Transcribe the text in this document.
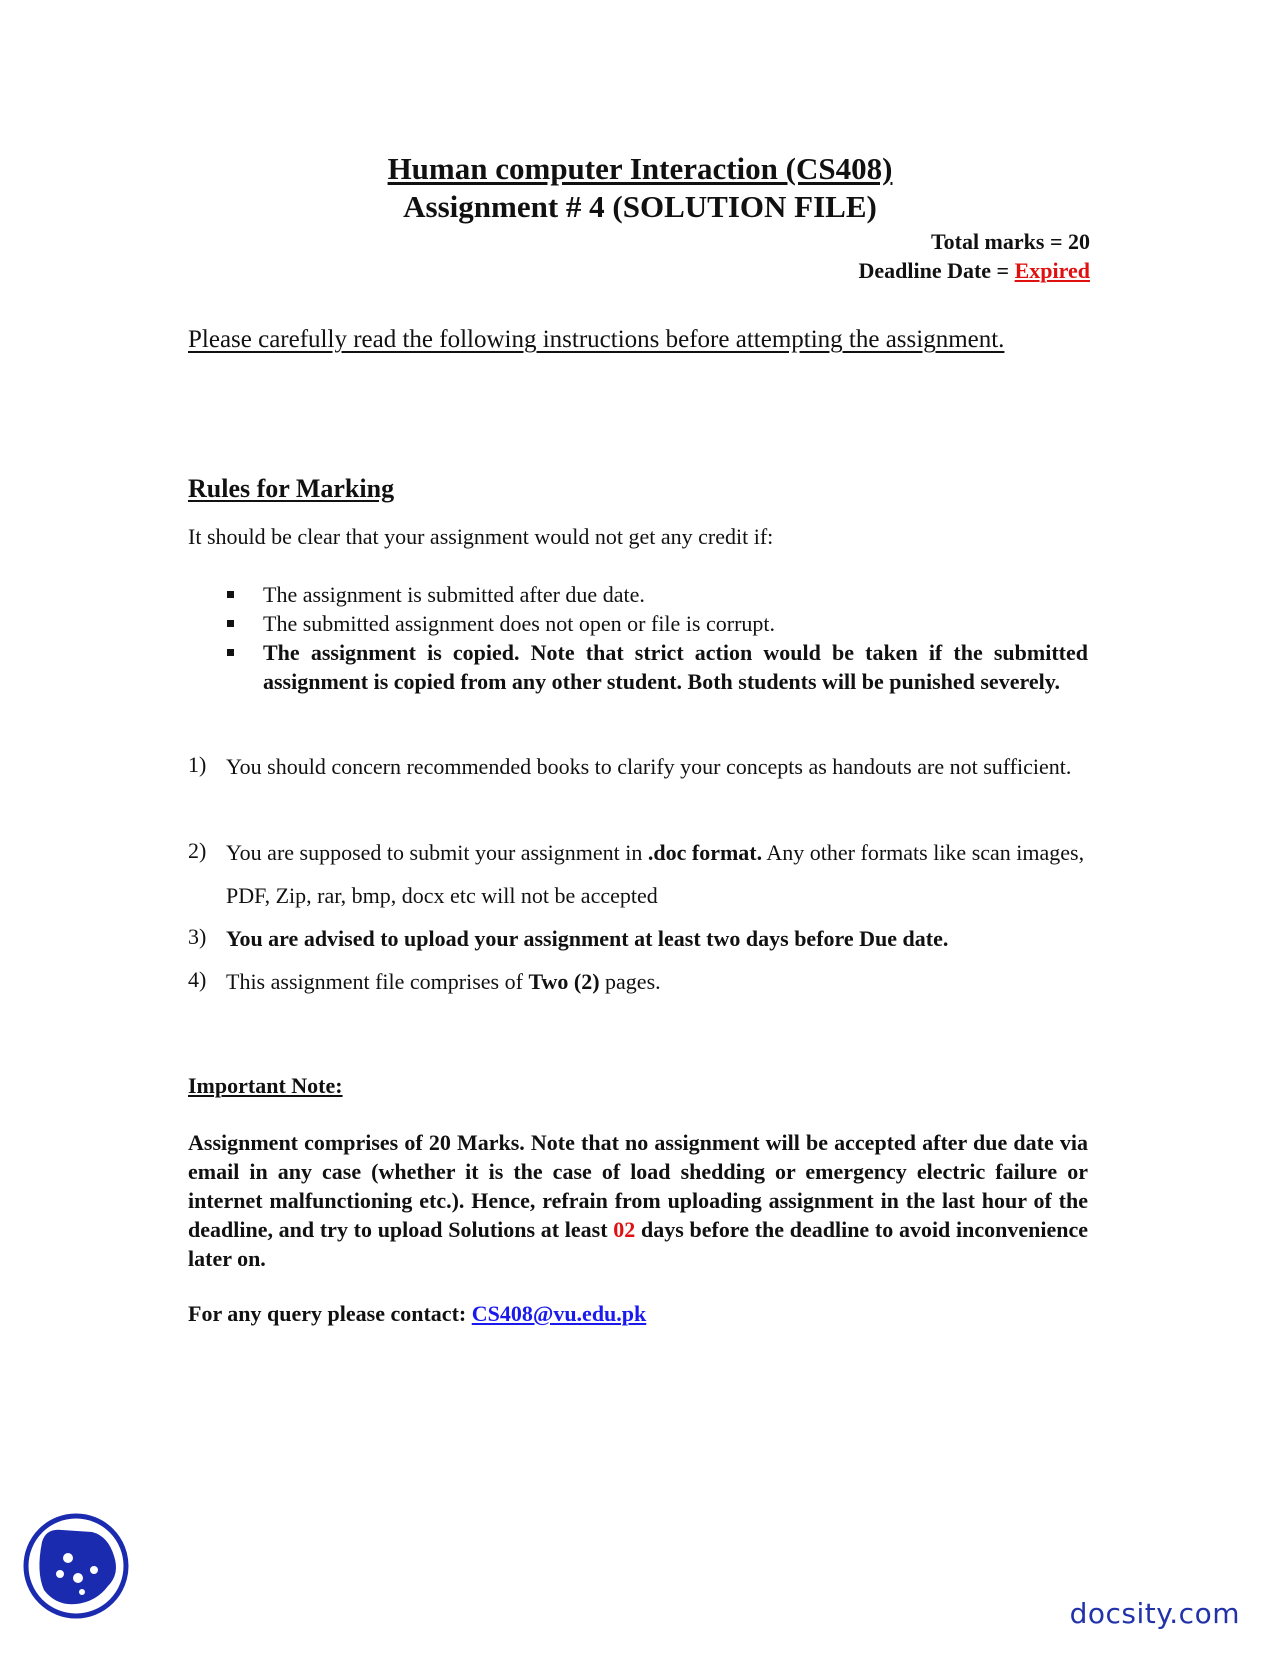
Human computer Interaction (CS408)
Assignment # 4 (SOLUTION FILE)
Total marks = 20
Deadline Date = Expired

Please carefully read the following instructions before attempting the assignment.

Rules for Marking
It should be clear that your assignment would not get any credit if:
The assignment is submitted after due date.
The submitted assignment does not open or file is corrupt.
The assignment is copied. Note that strict action would be taken if the submitted assignment is copied from any other student. Both students will be punished severely.
1) You should concern recommended books to clarify your concepts as handouts are not sufficient.
2) You are supposed to submit your assignment in .doc format. Any other formats like scan images, PDF, Zip, rar, bmp, docx etc will not be accepted
3) You are advised to upload your assignment at least two days before Due date.
4) This assignment file comprises of Two (2) pages.
Important Note:
Assignment comprises of 20 Marks. Note that no assignment will be accepted after due date via email in any case (whether it is the case of load shedding or emergency electric failure or internet malfunctioning etc.). Hence, refrain from uploading assignment in the last hour of the deadline, and try to upload Solutions at least 02 days before the deadline to avoid inconvenience later on.
For any query please contact: CS408@vu.edu.pk
docsity.com
